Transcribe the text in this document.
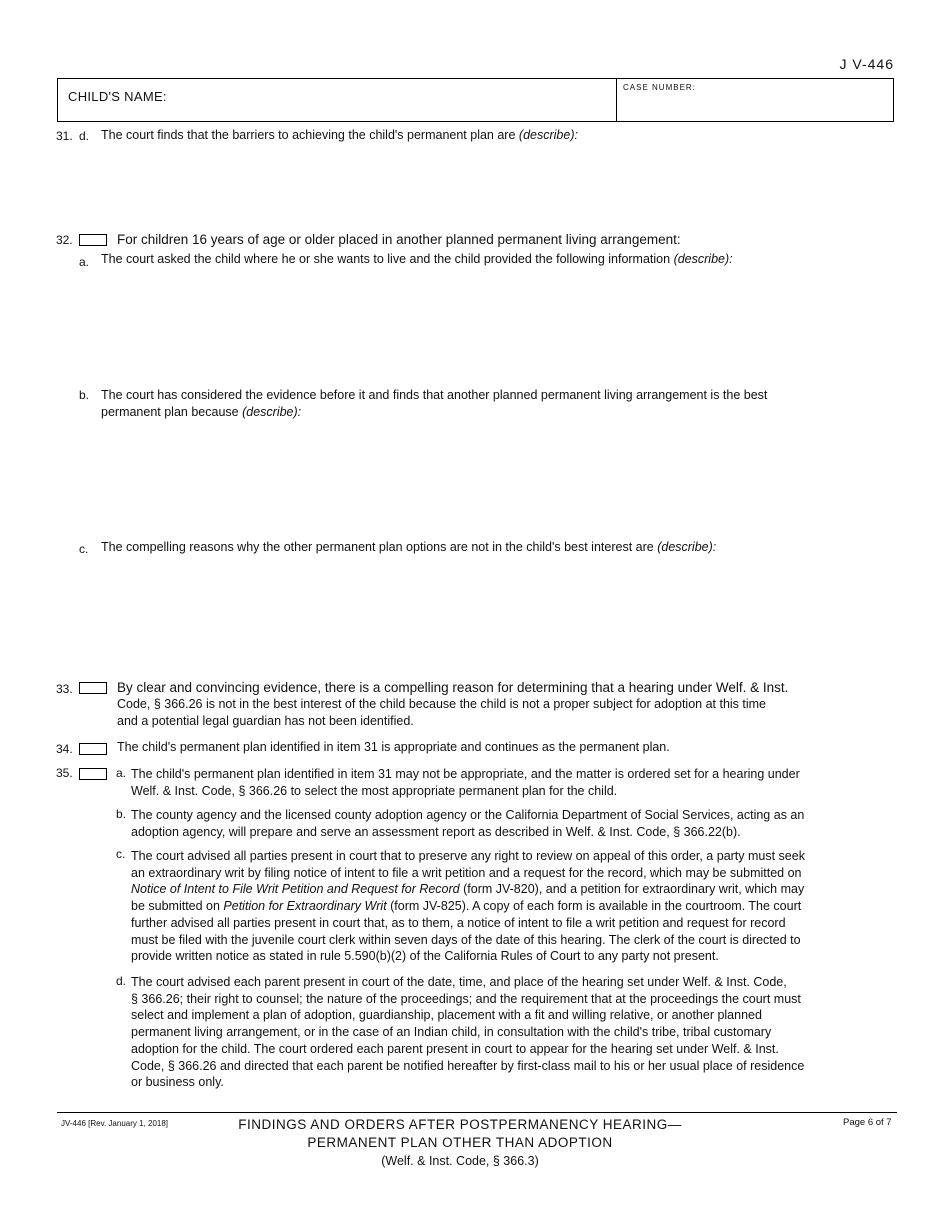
J V-446
CHILD'S NAME:
CASE NUMBER:
31. d. The court finds that the barriers to achieving the child's permanent plan are (describe):
32.	For children 16 years of age or older placed in another planned permanent living arrangement:
a. The court asked the child where he or she wants to live and the child provided the following information (describe):
b. The court has considered the evidence before it and finds that another planned permanent living arrangement is the best
permanent plan because (describe):
c. The compelling reasons why the other permanent plan options are not in the child's best interest are (describe):
33.	By clear and convincing evidence, there is a compelling reason for determining that a hearing under Welf. & Inst.
Code, § 366.26 is not in the best interest of the child because the child is not a proper subject for adoption at this time
and a potential legal guardian has not been identified.
34.	The child's permanent plan identified in item 31 is appropriate and continues as the permanent plan.
35.	a. The child's permanent plan identified in item 31 may not be appropriate, and the matter is ordered set for a hearing under
Welf. & Inst. Code, § 366.26 to select the most appropriate permanent plan for the child.
b. The county agency and the licensed county adoption agency or the California Department of Social Services, acting as an
adoption agency, will prepare and serve an assessment report as described in Welf. & Inst. Code, § 366.22(b).
c. The court advised all parties present in court that to preserve any right to review on appeal of this order, a party must seek
an extraordinary writ by filing notice of intent to file a writ petition and a request for the record, which may be submitted on
Notice of Intent to File Writ Petition and Request for Record (form JV-820), and a petition for extraordinary writ, which may
be submitted on Petition for Extraordinary Writ (form JV-825). A copy of each form is available in the courtroom. The court
further advised all parties present in court that, as to them, a notice of intent to file a writ petition and request for record
must be filed with the juvenile court clerk within seven days of the date of this hearing. The clerk of the court is directed to
provide written notice as stated in rule 5.590(b)(2) of the California Rules of Court to any party not present.
d. The court advised each parent present in court of the date, time, and place of the hearing set under Welf. & Inst. Code,
§ 366.26; their right to counsel; the nature of the proceedings; and the requirement that at the proceedings the court must
select and implement a plan of adoption, guardianship, placement with a fit and willing relative, or another planned
permanent living arrangement, or in the case of an Indian child, in consultation with the child's tribe, tribal customary
adoption for the child. The court ordered each parent present in court to appear for the hearing set under Welf. & Inst.
Code, § 366.26 and directed that each parent be notified hereafter by first-class mail to his or her usual place of residence
or business only.
JV-446 [Rev. January 1, 2018]	FINDINGS AND ORDERS AFTER POSTPERMANENCY HEARING—
PERMANENT PLAN OTHER THAN ADOPTION
(Welf. & Inst. Code, § 366.3)
Page 6 of 7
